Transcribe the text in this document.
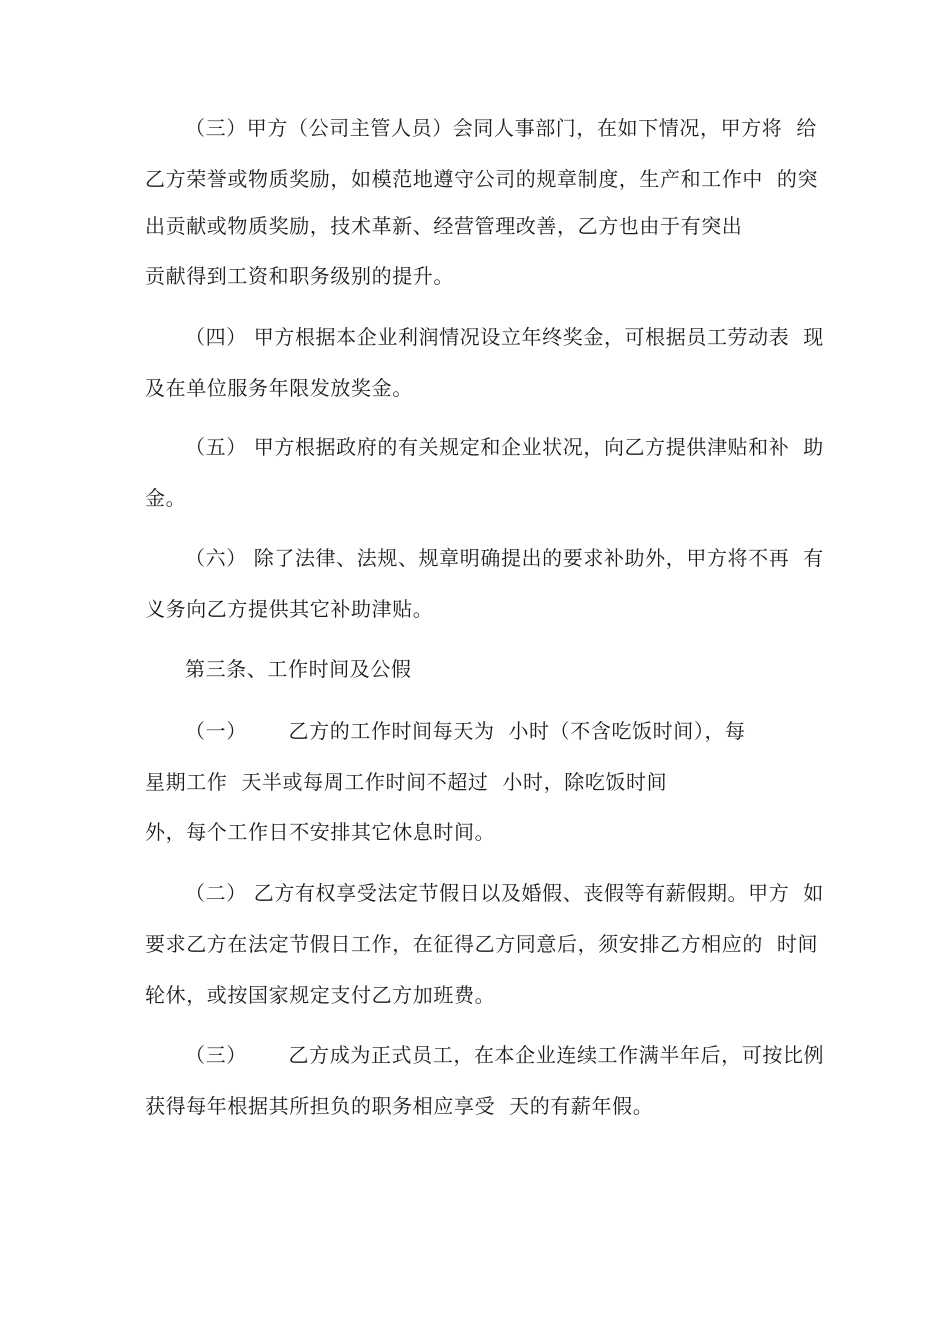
（三）甲方（公司主管人员）会同人事部门，在如下情况，甲方将  给
乙方荣誉或物质奖励，如模范地遵守公司的规章制度，生产和工作中  的突
出贡献或物质奖励，技术革新、经营管理改善，乙方也由于有突出
贡献得到工资和职务级别的提升。
（四） 甲方根据本企业利润情况设立年终奖金，可根据员工劳动表  现
及在单位服务年限发放奖金。
（五） 甲方根据政府的有关规定和企业状况，向乙方提供津贴和补  助
金。
（六） 除了法律、法规、规章明确提出的要求补助外，甲方将不再  有
义务向乙方提供其它补助津贴。
第三条、工作时间及公假
（一）      乙方的工作时间每天为  小时（不含吃饭时间），每
星期工作  天半或每周工作时间不超过  小时，除吃饭时间
外，每个工作日不安排其它休息时间。
（二） 乙方有权享受法定节假日以及婚假、丧假等有薪假期。甲方  如
要求乙方在法定节假日工作，在征得乙方同意后，须安排乙方相应的  时间
轮休，或按国家规定支付乙方加班费。
（三）      乙方成为正式员工，在本企业连续工作满半年后，可按比例
获得每年根据其所担负的职务相应享受  天的有薪年假。
